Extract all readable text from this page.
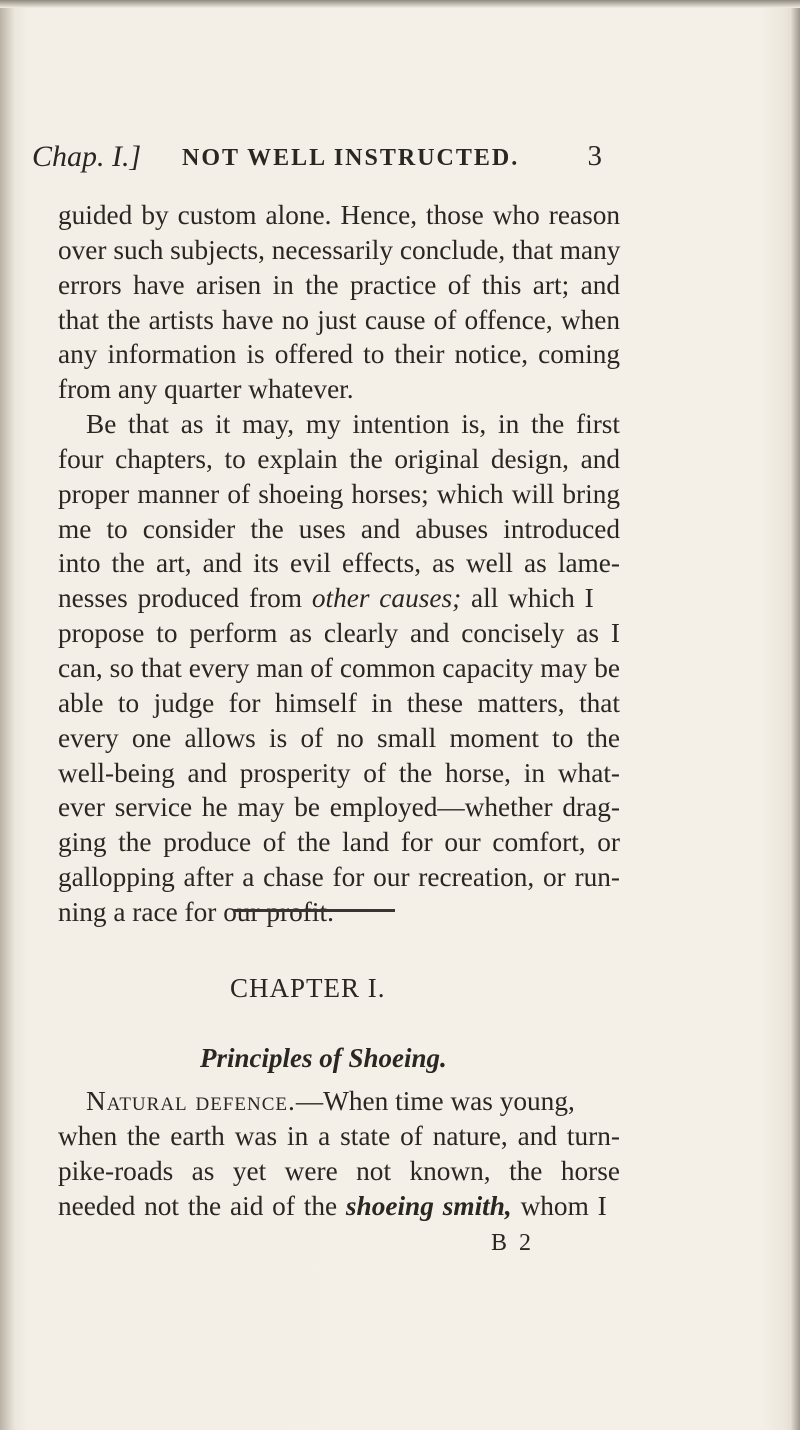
Chap. I.] NOT WELL INSTRUCTED. 3
guided by custom alone. Hence, those who reason
over such subjects, necessarily conclude, that many
errors have arisen in the practice of this art; and
that the artists have no just cause of offence, when
any information is offered to their notice, coming
from any quarter whatever.
Be that as it may, my intention is, in the first
four chapters, to explain the original design, and
proper manner of shoeing horses; which will bring
me to consider the uses and abuses introduced
into the art, and its evil effects, as well as lame-
nesses produced from other causes; all which I
propose to perform as clearly and concisely as I
can, so that every man of common capacity may be
able to judge for himself in these matters, that
every one allows is of no small moment to the
well-being and prosperity of the horse, in what-
ever service he may be employed—whether drag-
ging the produce of the land for our comfort, or
gallopping after a chase for our recreation, or run-
ning a race for our profit.
CHAPTER I.
Principles of Shoeing.
Natural defence.—When time was young,
when the earth was in a state of nature, and turn-
pike-roads as yet were not known, the horse
needed not the aid of the shoeing smith, whom I
B 2
